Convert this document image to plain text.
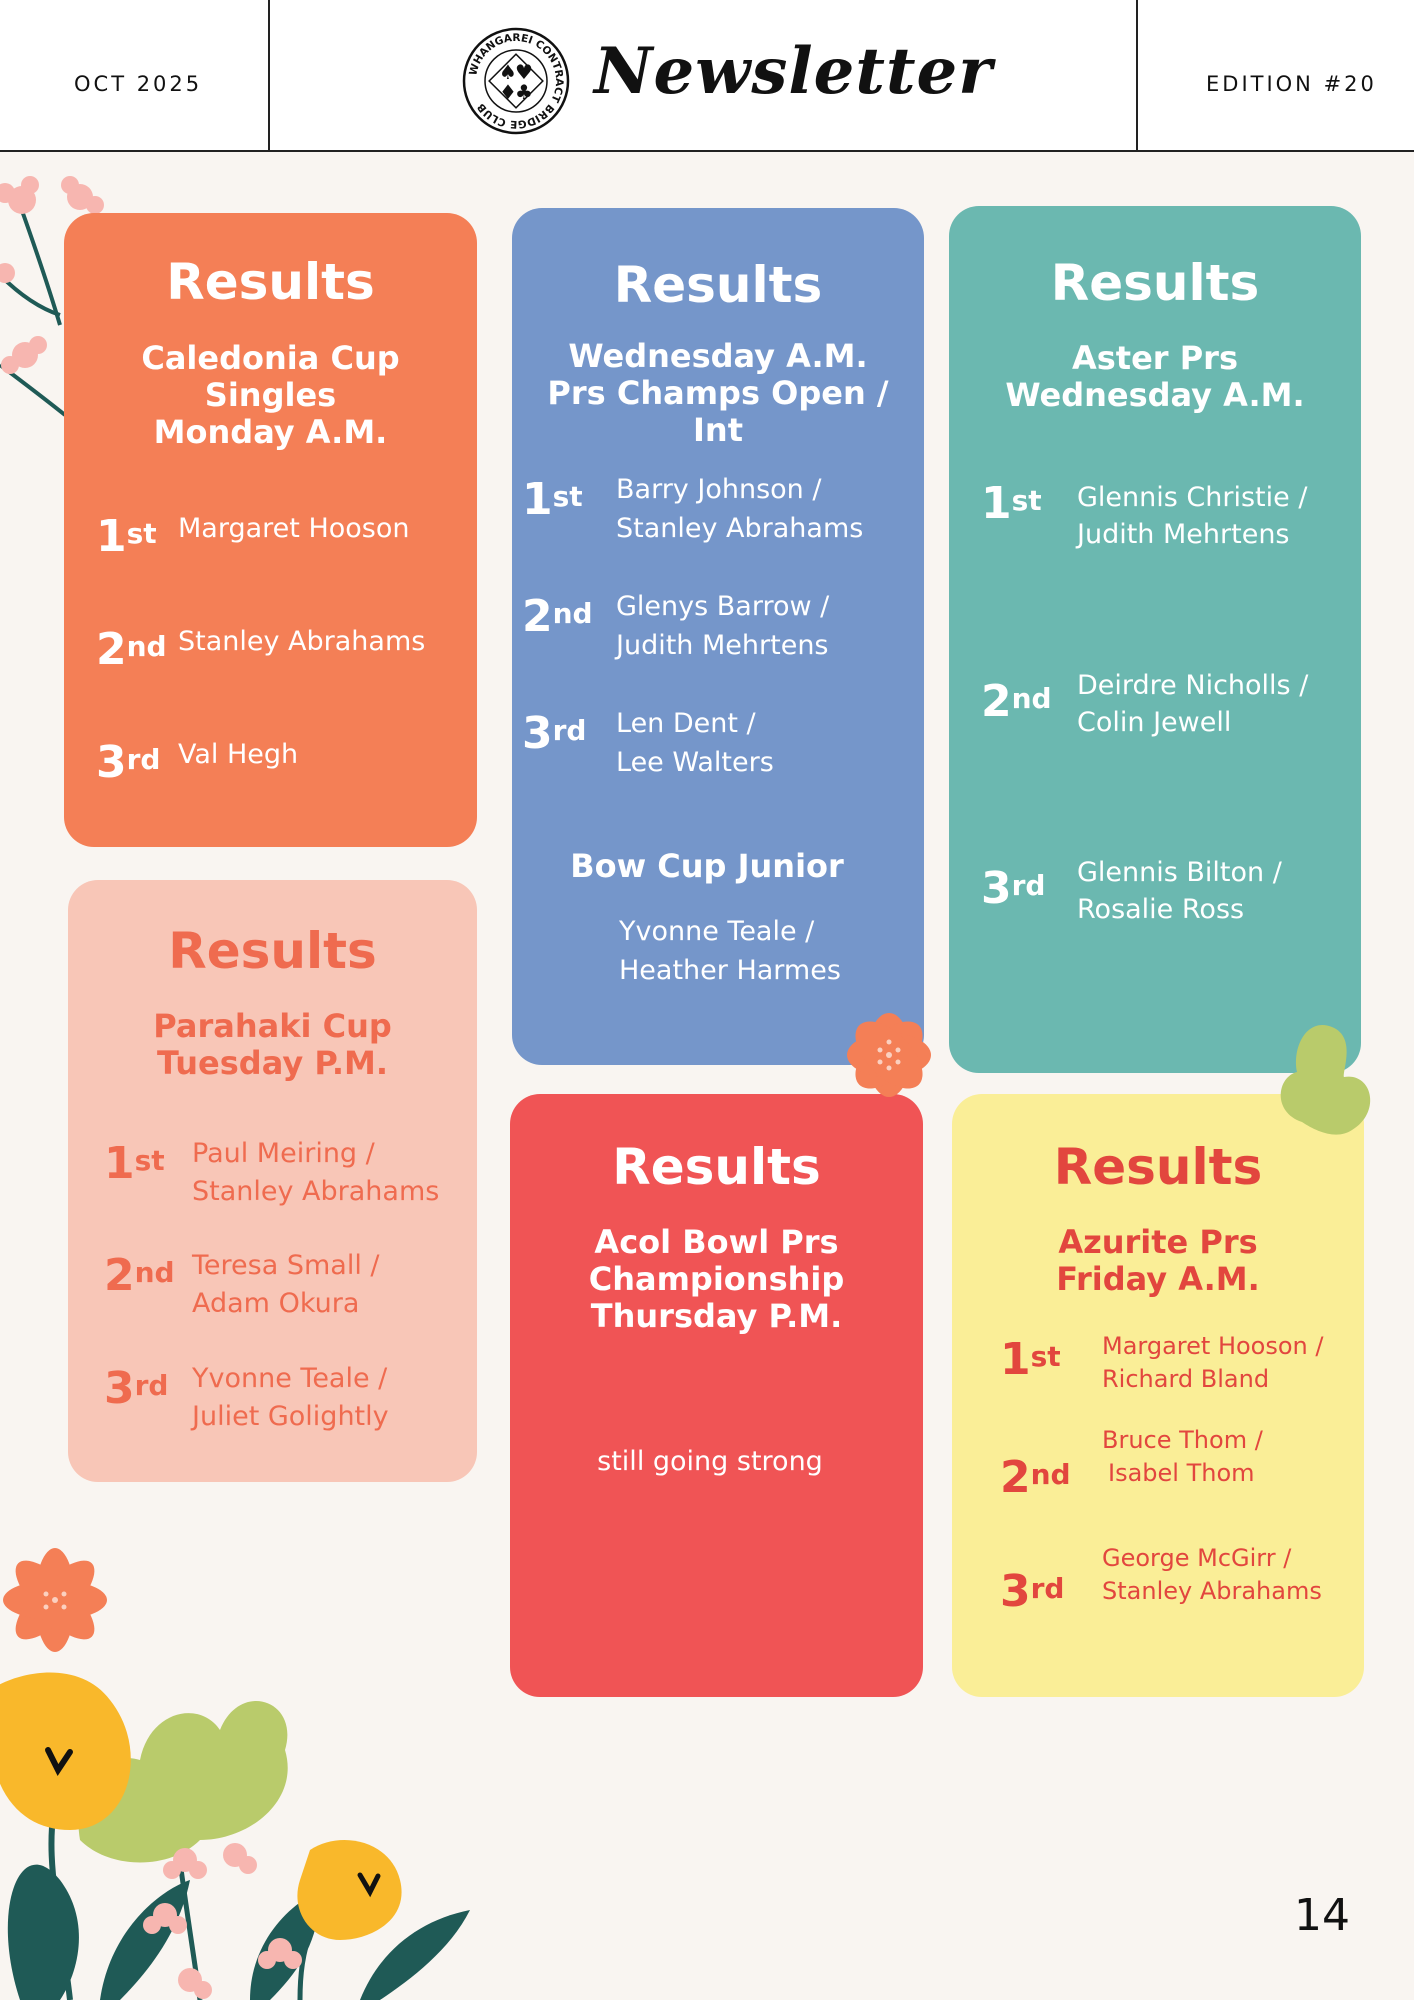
OCT 2025
WHANGAREI CONTRACT BRIDGE CLUB
♠
♥
♦
♣ Newsletter	EDITION #20
Results
Caledonia Cup
Singles
Monday A.M.
1st Margaret Hooson
2nd Stanley Abrahams
3rd Val Hegh
Results
Wednesday A.M.
Prs Champs Open /
Int
1st Barry Johnson /
Stanley Abrahams
2nd Glenys Barrow /
Judith Mehrtens
3rd Len Dent /
Lee Walters
Bow Cup Junior
Yvonne Teale /
Heather Harmes
Results
Aster Prs
Wednesday A.M.
1st Glennis Christie /
Judith Mehrtens
2nd Deirdre Nicholls /
Colin Jewell
3rd Glennis Bilton /
Rosalie Ross
Results
Parahaki Cup
Tuesday P.M.
1st Paul Meiring /
Stanley Abrahams
2nd Teresa Small /
Adam Okura
3rd Yvonne Teale /
Juliet Golightly
Results
Acol Bowl Prs
Championship
Thursday P.M.
still going strong
Results
Azurite Prs
Friday A.M.
1st Margaret Hooson /
Richard Bland
2nd
Bruce Thom /
Isabel Thom
3rd
George McGirr /
Stanley Abrahams
14
